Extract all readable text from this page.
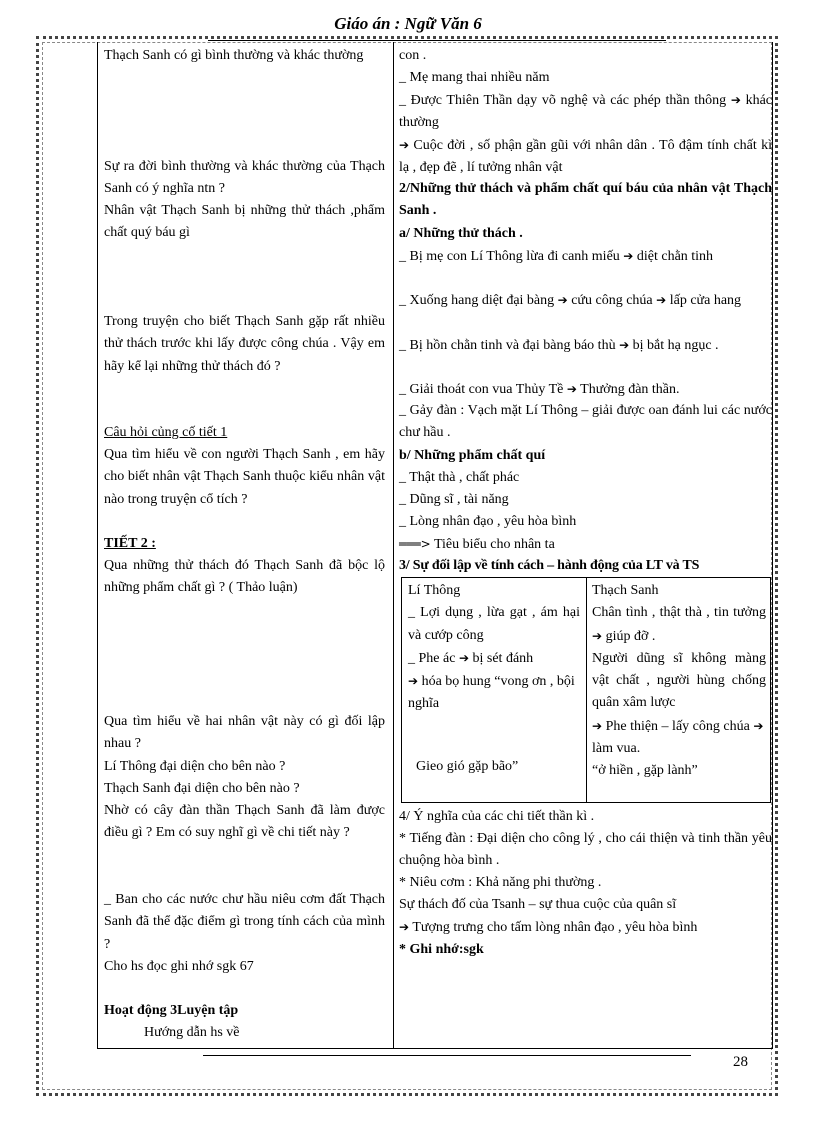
Giáo án : Ngữ Văn 6
Thạch Sanh có gì bình thường và khác thường
Sự ra đời bình thường và khác thường của Thạch Sanh có ý nghĩa ntn ?
Nhân vật Thạch Sanh bị những thử thách ,phẩm chất quý báu gì
Trong truyện cho biết Thạch Sanh gặp rất nhiều thử thách trước khi lấy được công chúa . Vậy em hãy kể lại những thử thách đó ?
Câu hỏi củng cố tiết 1
Qua tìm hiểu về con người Thạch Sanh , em hãy cho biết nhân vật Thạch Sanh thuộc kiểu nhân vật nào trong truyện cổ tích ?
TIẾT 2 :
Qua những thử thách đó Thạch Sanh đã bộc lộ những phẩm chất gì ? ( Thảo luận)
Qua tìm hiểu về hai nhân vật này có gì đối lập nhau ?
Lí Thông đại diện cho bên nào ?
Thạch Sanh đại diện cho bên nào ?
Nhờ có cây đàn thần Thạch Sanh đã làm được điều gì ? Em có suy nghĩ gì về chi tiết này ?
_ Ban cho các nước chư hầu niêu cơm đất Thạch Sanh đã thể đặc điểm gì trong tính cách của mình ?
Cho hs đọc ghi nhớ sgk 67
Hoạt động 3Luyện tập
Hướng dẫn hs về
con .
_ Mẹ mang thai nhiều năm
_ Được Thiên Thần dạy võ nghệ và các phép thần thông ➔ khác thường
➔ Cuộc đời , số phận gần gũi với nhân dân . Tô đậm tính chất kì lạ , đẹp đẽ , lí tưởng nhân vật
2/Những thử thách và phẩm chất quí báu của nhân vật Thạch Sanh .
a/ Những thử thách .
_ Bị mẹ con Lí Thông lừa đi canh miếu ➔ diệt chằn tinh
_ Xuống hang diệt đại bàng ➔ cứu công chúa ➔ lấp cửa hang
_ Bị hồn chằn tinh và đại bàng báo thù ➔ bị bắt hạ ngục .
_ Giải thoát con vua Thủy Tề ➔ Thưởng đàn thần.
_ Gảy đàn : Vạch mặt Lí Thông – giải được oan đánh lui các nước chư hầu .
b/ Những phẩm chất quí
_ Thật thà , chất phác
_ Dũng sĩ , tài năng
_ Lòng nhân đạo , yêu hòa bình
═══> Tiêu biểu cho nhân ta
3/ Sự đối lập về tính cách – hành động của LT và TS
Lí Thông
_ Lợi dụng , lừa gạt , ám hại và cướp công
_ Phe ác ➔ bị sét đánh
➔ hóa bọ hung “vong ơn , bội nghĩa
Gieo gió gặp bão”
Thạch Sanh
Chân tình , thật thà , tin tưởng ➔ giúp đỡ .
Người dũng sĩ không màng vật chất , người hùng chống quân xâm lược
➔ Phe thiện – lấy công chúa ➔ làm vua.
“ở hiền , gặp lành”
4/ Ý nghĩa của các chi tiết thần kì .
* Tiếng đàn : Đại diện cho công lý , cho cái thiện và tinh thần yêu chuộng hòa bình .
* Niêu cơm : Khả năng phi thường .
Sự thách đố của Tsanh – sự thua cuộc của quân sĩ
➔ Tượng trưng cho tấm lòng nhân đạo , yêu hòa bình
* Ghi nhớ:sgk
28
